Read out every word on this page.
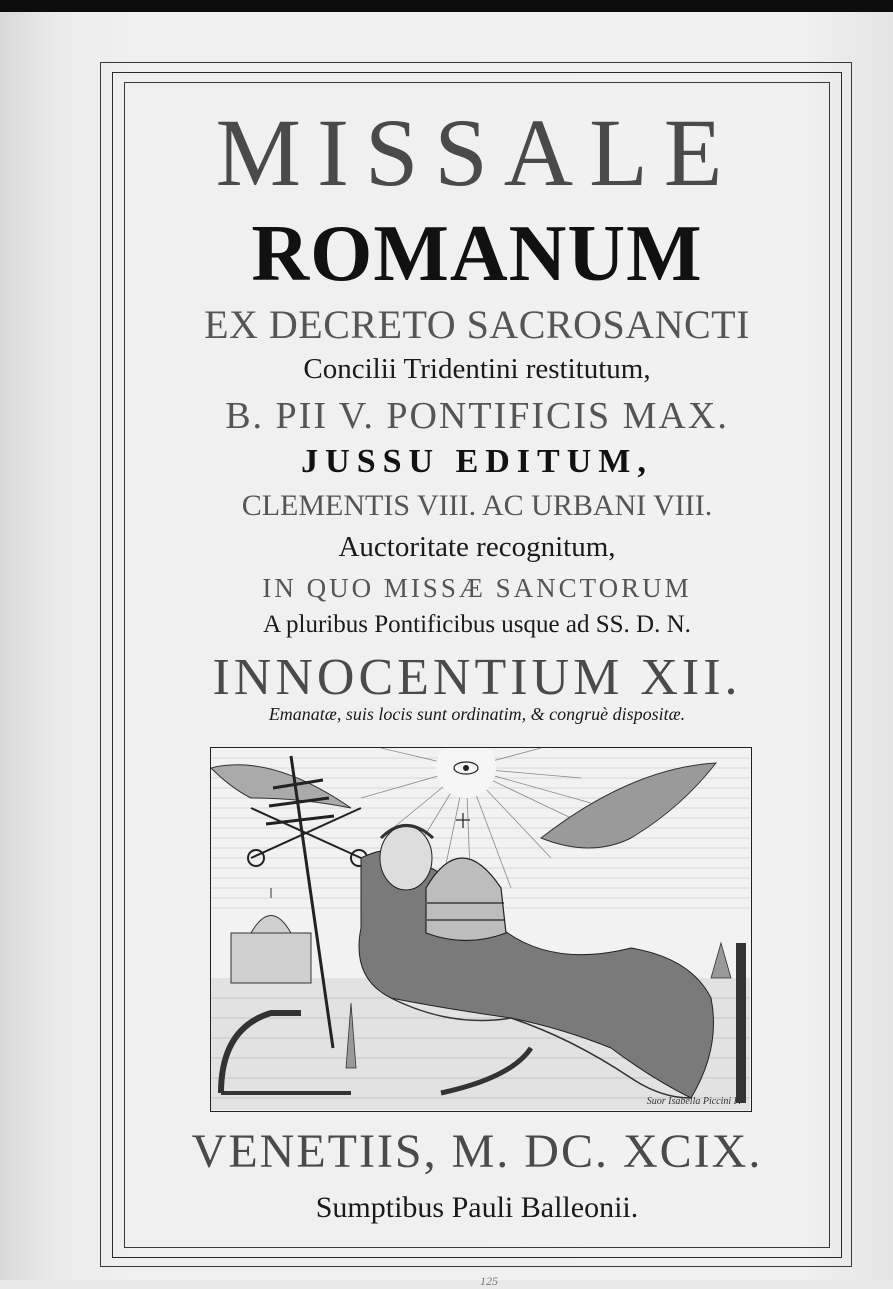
MISSALE

ROMANUM

EX DECRETO SACROSANCTI

Concilii Tridentini restitutum,

B. PII V. PONTIFICIS MAX.

JUSSU EDITUM,

CLEMENTIS VIII. AC URBANI VIII.

Auctoritate recognitum,

IN QUO MISSÆ SANCTORUM

A pluribus Pontificibus usque ad SS. D. N.

INNOCENTIUM XII.

Emanatæ, suis locis sunt ordinatim, & congruè dispositæ.

Suor Isabella Piccini F.

VENETIIS, M. DC. XCIX.

Sumptibus Pauli Balleonii.

125
